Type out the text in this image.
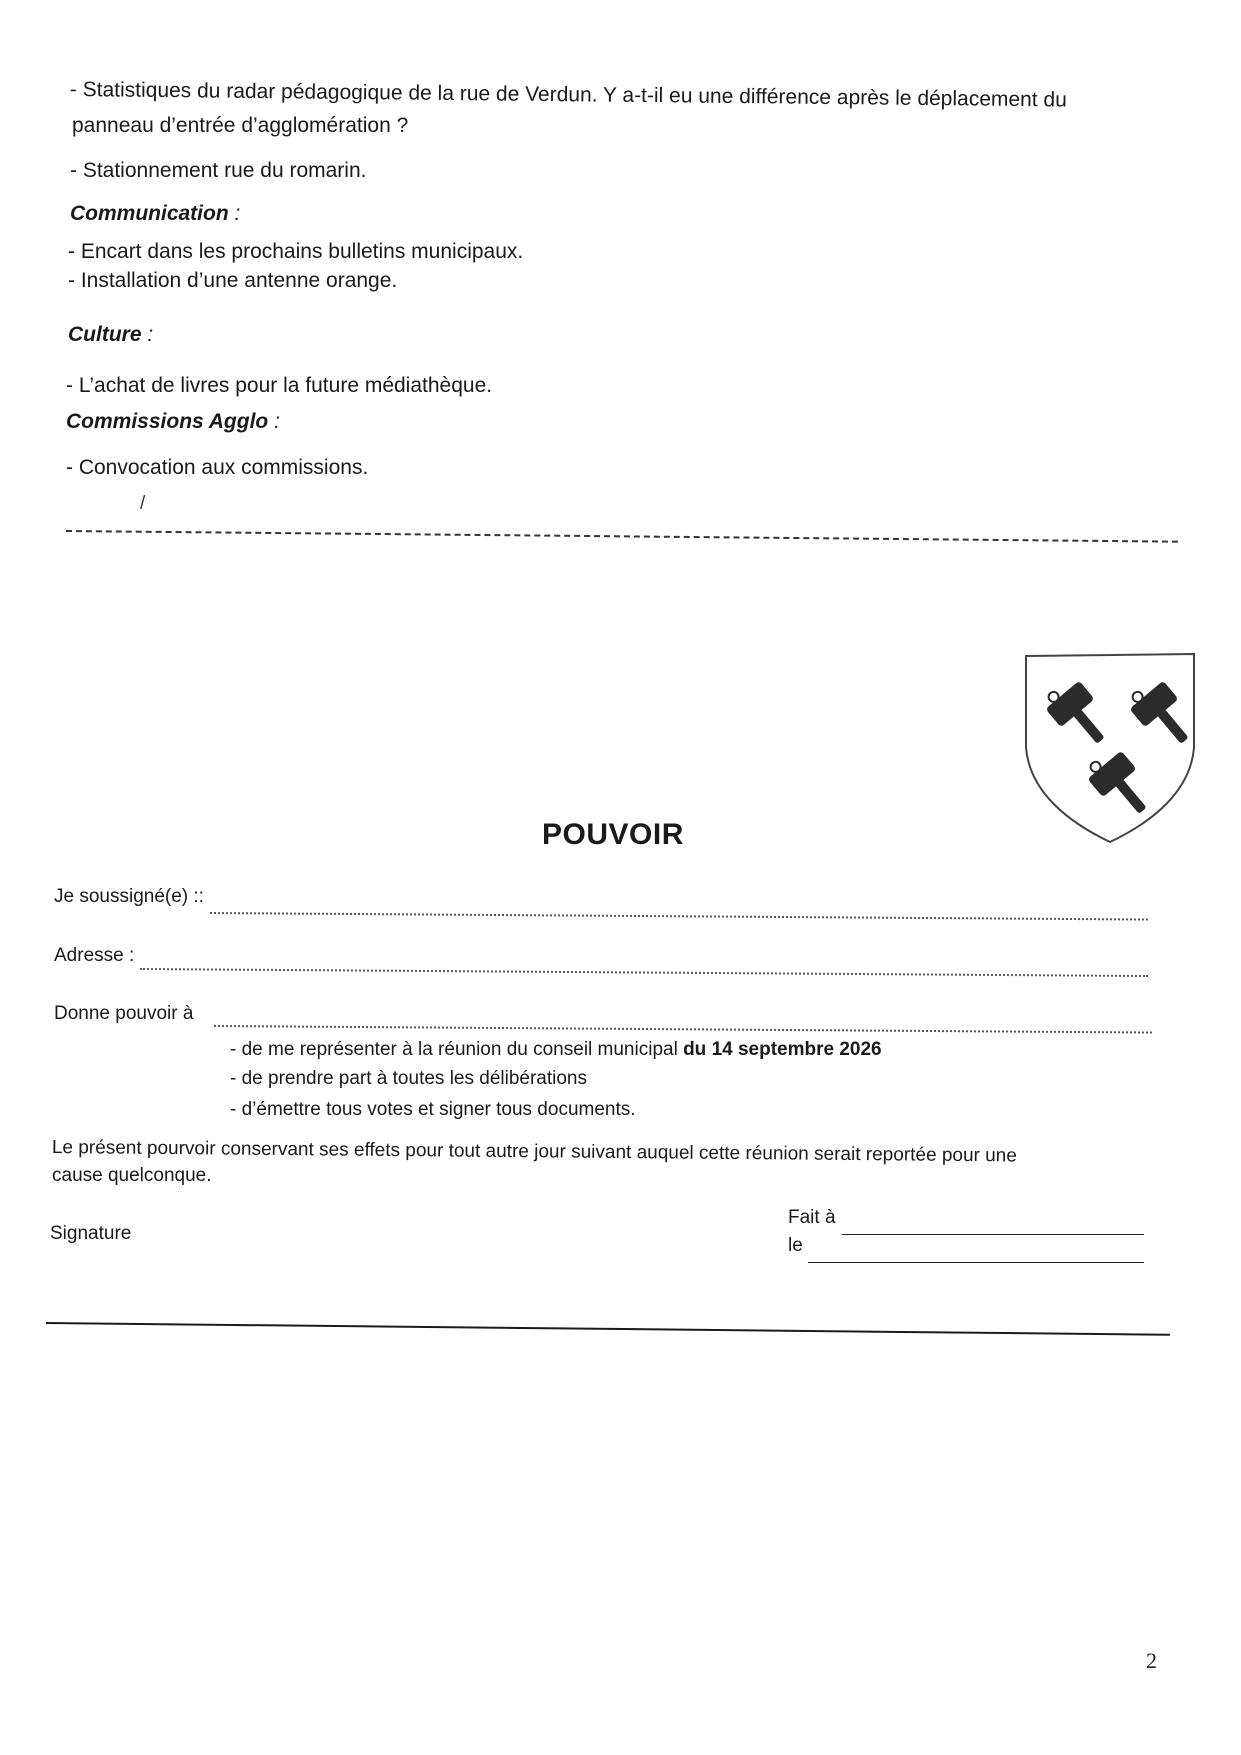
- Statistiques du radar pédagogique de la rue de Verdun. Y a-t-il eu une différence après le déplacement du
panneau d’entrée d’agglomération ?
- Stationnement rue du romarin.
Communication :
- Encart dans les prochains bulletins municipaux.
- Installation d’une antenne orange.
Culture :
- L’achat de livres pour la future médiathèque.
Commissions Agglo :
- Convocation aux commissions.
/
POUVOIR
Je soussigné(e) ::
Adresse :
Donne pouvoir à
- de me représenter à la réunion du conseil municipal du 14 septembre 2026
- de prendre part à toutes les délibérations
- d’émettre tous votes et signer tous documents.
Le présent pourvoir conservant ses effets pour tout autre jour suivant auquel cette réunion serait reportée pour une
cause quelconque.
Signature
Fait à
le
2
